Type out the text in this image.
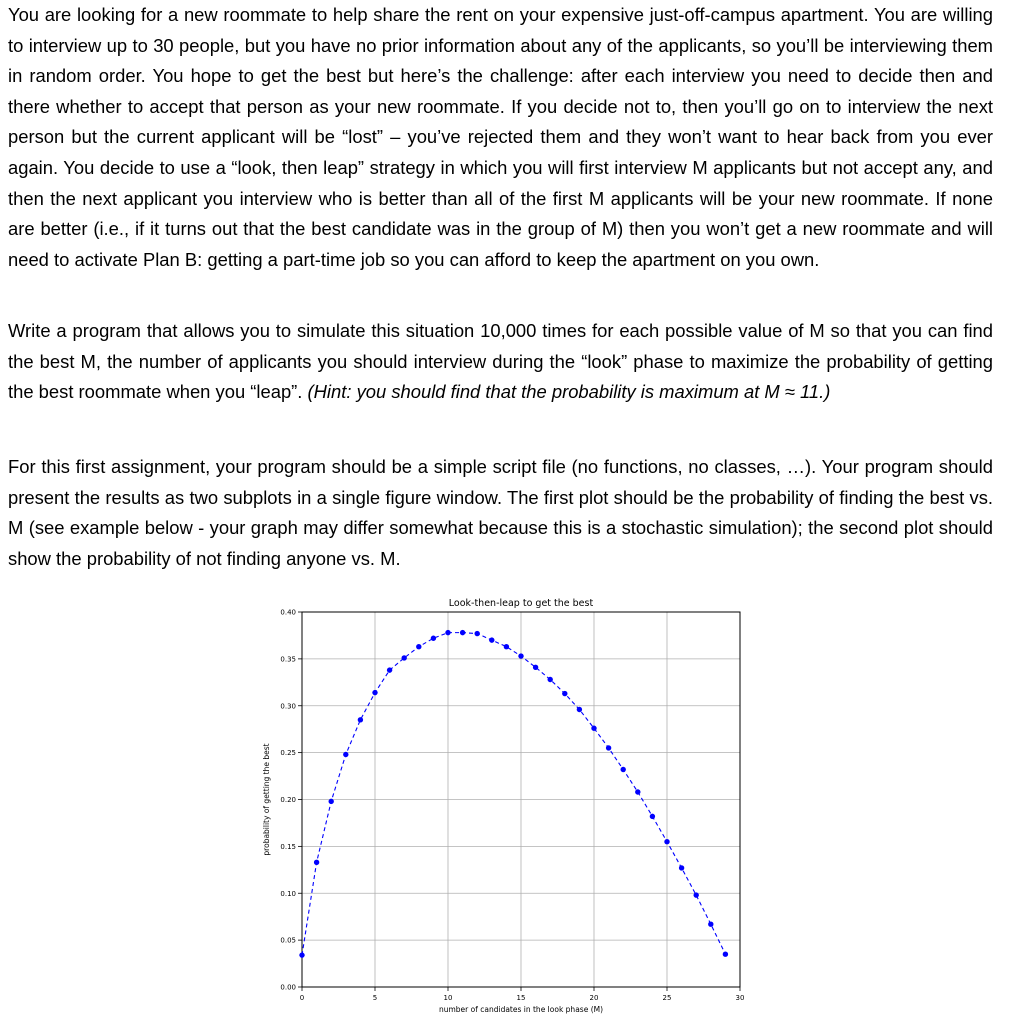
You are looking for a new roommate to help share the rent on your expensive just-off-campus apartment. You are willing to interview up to 30 people, but you have no prior information about any of the applicants, so you’ll be interviewing them in random order. You hope to get the best but here’s the challenge: after each interview you need to decide then and there whether to accept that person as your new roommate. If you decide not to, then you’ll go on to interview the next person but the current applicant will be “lost” – you’ve rejected them and they won’t want to hear back from you ever again. You decide to use a “look, then leap” strategy in which you will first interview M applicants but not accept any, and then the next applicant you interview who is better than all of the first M applicants will be your new roommate. If none are better (i.e., if it turns out that the best candidate was in the group of M) then you won’t get a new roommate and will need to activate Plan B: getting a part-time job so you can afford to keep the apartment on you own.

Write a program that allows you to simulate this situation 10,000 times for each possible value of M so that you can find the best M, the number of applicants you should interview during the “look” phase to maximize the probability of getting the best roommate when you “leap”. (Hint: you should find that the probability is maximum at M ≈ 11.)

For this first assignment, your program should be a simple script file (no functions, no classes, …). Your program should present the results as two subplots in a single figure window. The first plot should be the probability of finding the best vs. M (see example below - your graph may differ somewhat because this is a stochastic simulation); the second plot should show the probability of not finding anyone vs. M.

0.00
0.05
0.10
0.15
0.20
0.25
0.30
0.35
0.40
0	5	10	15	20	25	30
Look-then-leap to get the best
number of candidates in the look phase (M)
probability of getting the best
